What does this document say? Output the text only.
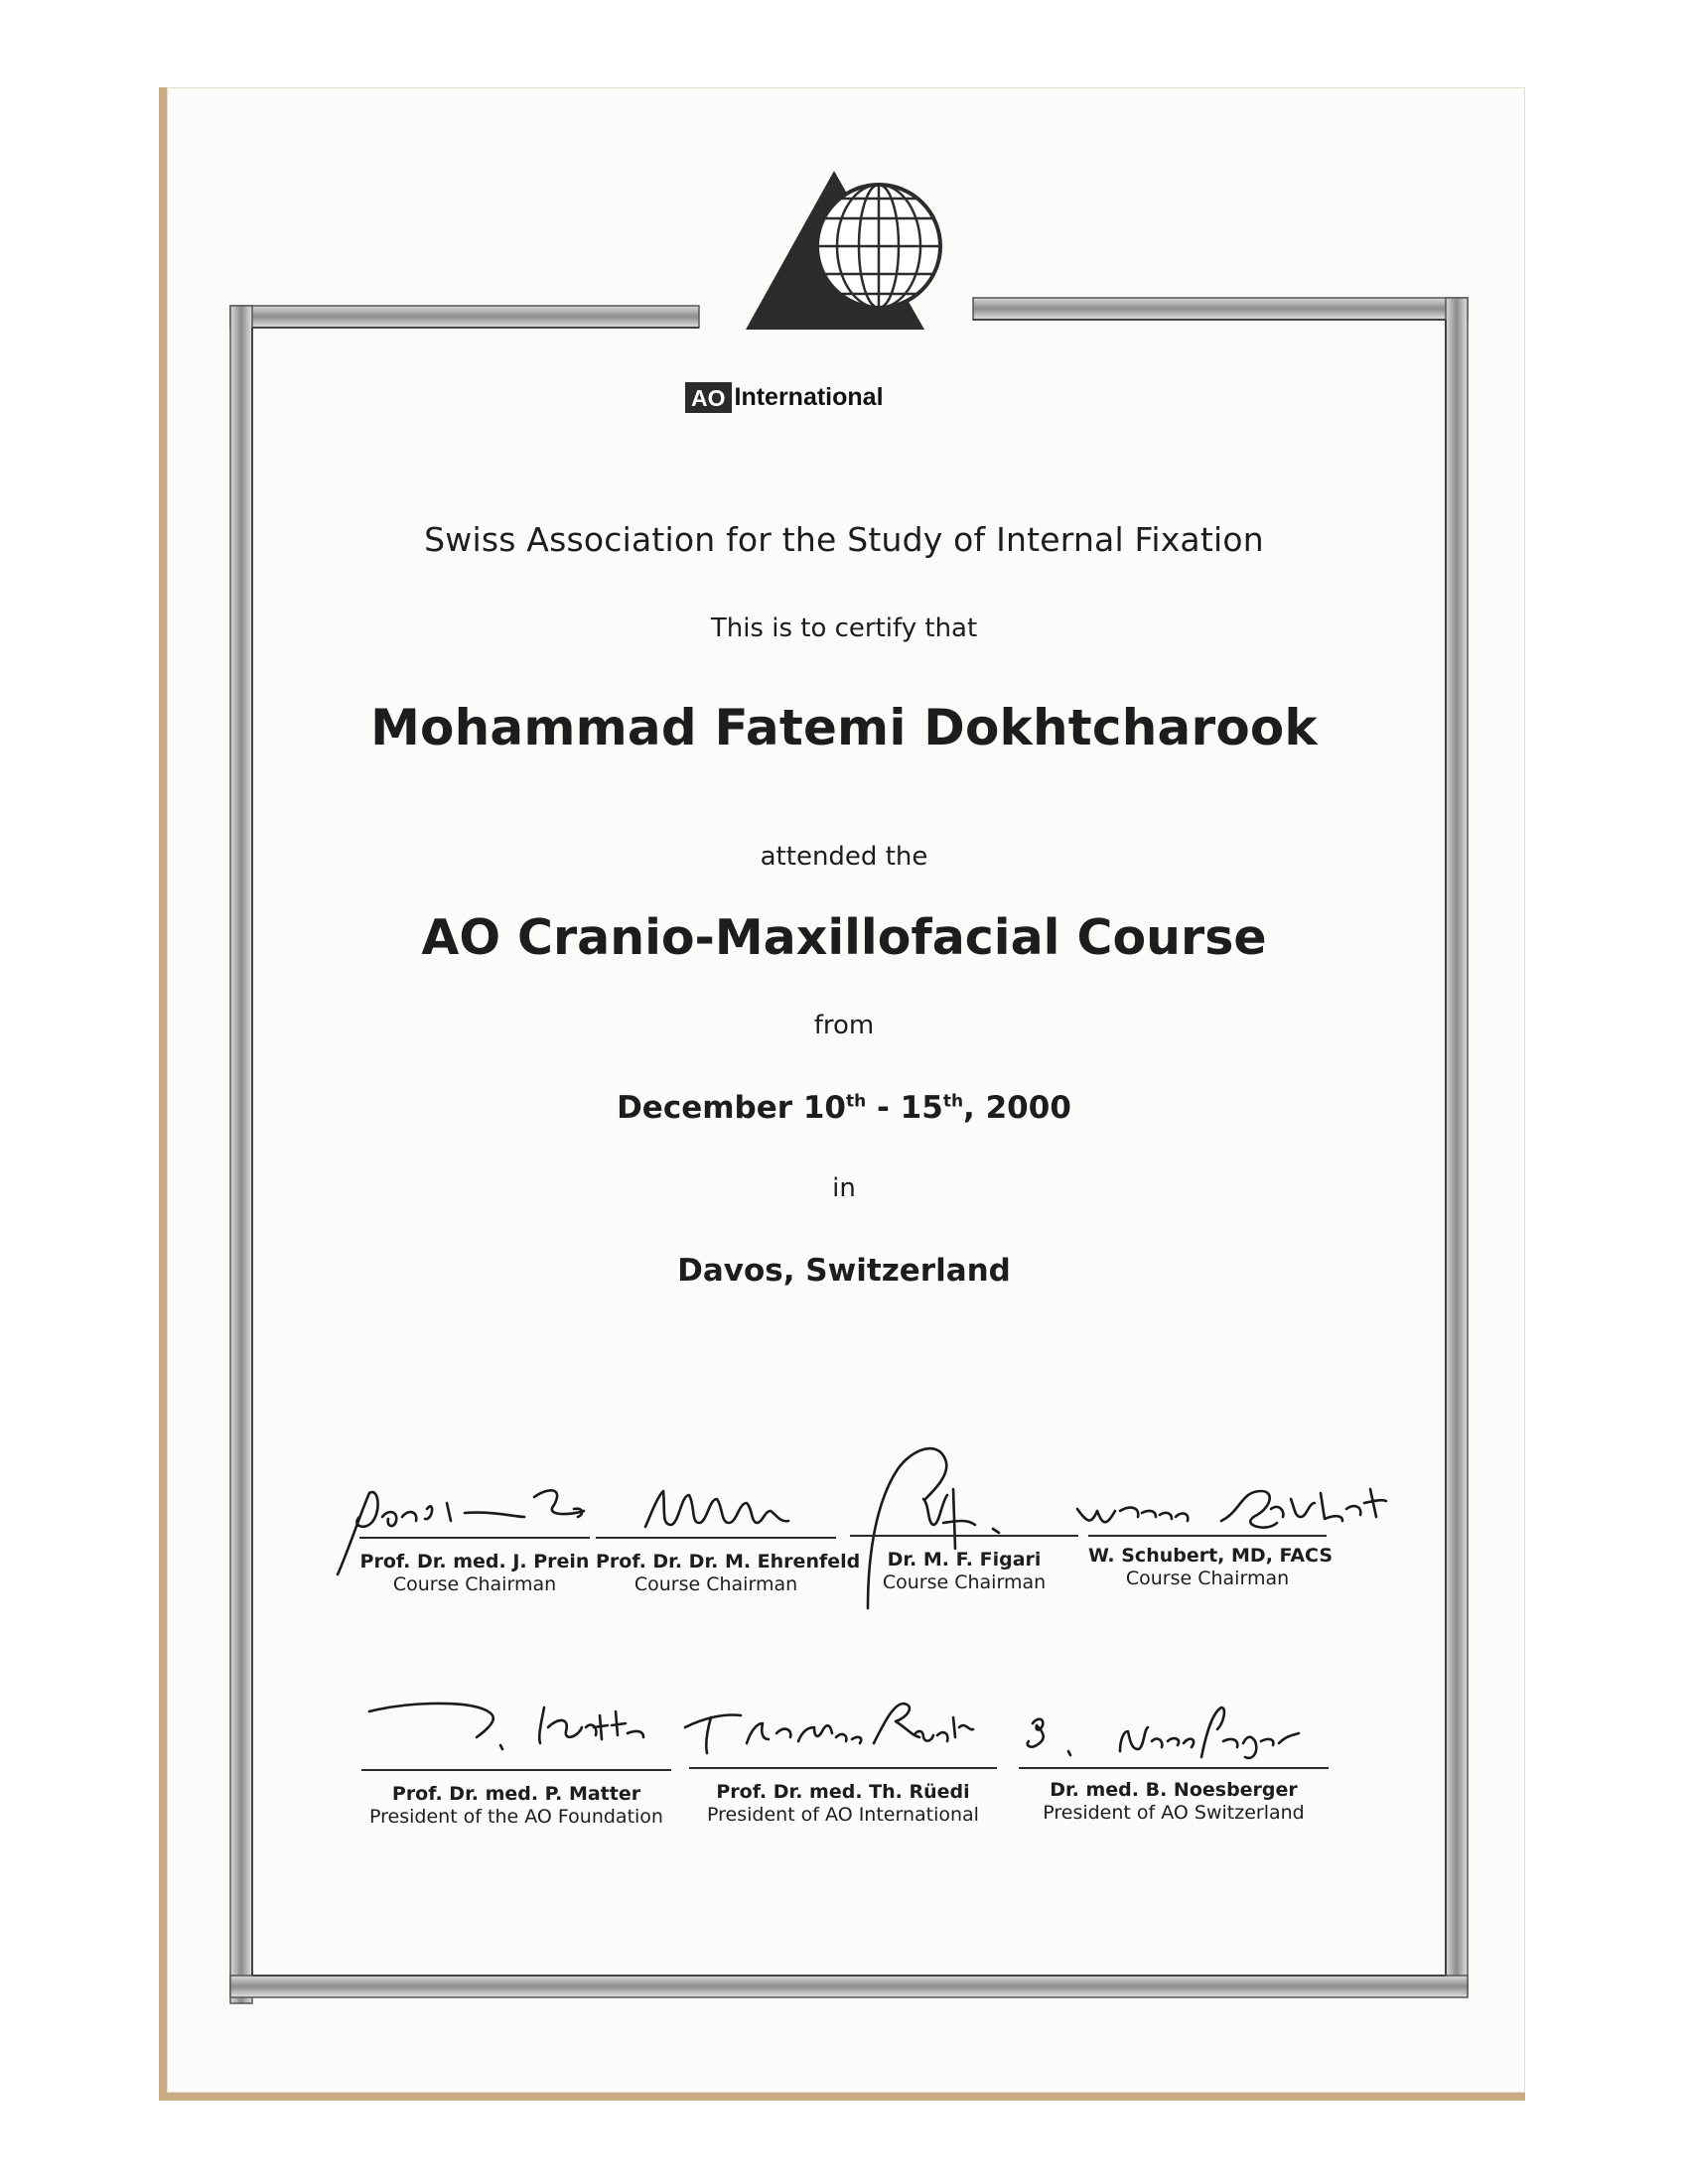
AO International
Swiss Association for the Study of Internal Fixation
This is to certify that
Mohammad Fatemi Dokhtcharook
attended the
AO Cranio-Maxillofacial Course
from
December 10th - 15th, 2000
in
Davos, Switzerland
Prof. Dr. med. J. Prein
Course Chairman
Prof. Dr. Dr. M. Ehrenfeld
Course Chairman
Dr. M. F. Figari
Course Chairman
W. Schubert, MD, FACS
Course Chairman
Prof. Dr. med. P. Matter
President of the AO Foundation
Prof. Dr. med. Th. Rüedi
President of AO International
Dr. med. B. Noesberger
President of AO Switzerland
